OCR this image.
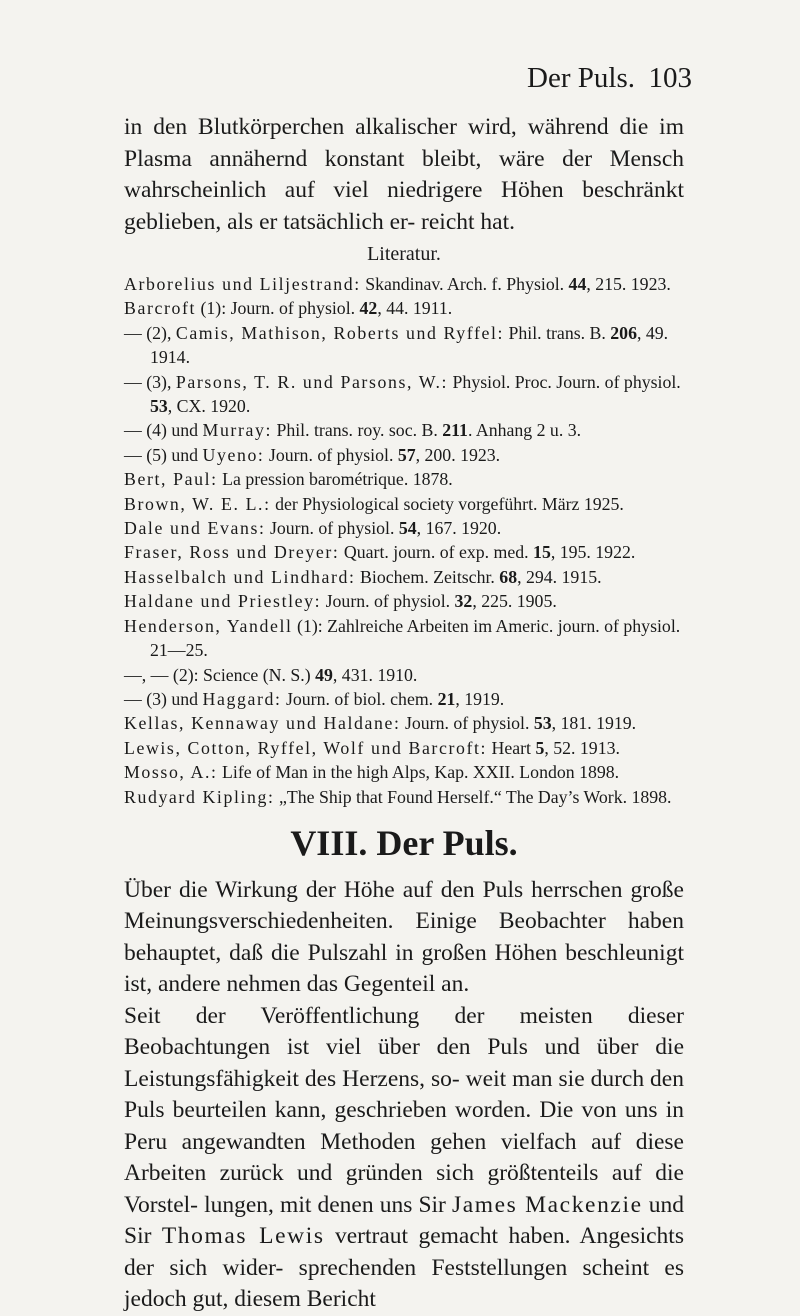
Der Puls. 103

in den Blutkörperchen alkalischer wird, während die im Plasma annähernd konstant bleibt, wäre der Mensch wahrscheinlich auf viel niedrigere Höhen beschränkt geblieben, als er tatsächlich er- reicht hat.

Literatur.

Arborelius und Liljestrand: Skandinav. Arch. f. Physiol. 44, 215. 1923.

Barcroft (1): Journ. of physiol. 42, 44. 1911.

— (2), Camis, Mathison, Roberts und Ryffel: Phil. trans. B. 206, 49. 1914.

— (3), Parsons, T. R. und Parsons, W.: Physiol. Proc. Journ. of physiol. 53, CX. 1920.

— (4) und Murray: Phil. trans. roy. soc. B. 211. Anhang 2 u. 3.

— (5) und Uyeno: Journ. of physiol. 57, 200. 1923.

Bert, Paul: La pression barométrique. 1878.

Brown, W. E. L.: der Physiological society vorgeführt. März 1925.

Dale und Evans: Journ. of physiol. 54, 167. 1920.

Fraser, Ross und Dreyer: Quart. journ. of exp. med. 15, 195. 1922.

Hasselbalch und Lindhard: Biochem. Zeitschr. 68, 294. 1915.

Haldane und Priestley: Journ. of physiol. 32, 225. 1905.

Henderson, Yandell (1): Zahlreiche Arbeiten im Americ. journ. of physiol. 21—25.

—, — (2): Science (N. S.) 49, 431. 1910.

— (3) und Haggard: Journ. of biol. chem. 21, 1919.

Kellas, Kennaway und Haldane: Journ. of physiol. 53, 181. 1919.

Lewis, Cotton, Ryffel, Wolf und Barcroft: Heart 5, 52. 1913.

Mosso, A.: Life of Man in the high Alps, Kap. XXII. London 1898.

Rudyard Kipling: „The Ship that Found Herself.“ The Day’s Work. 1898.

VIII. Der Puls.

Über die Wirkung der Höhe auf den Puls herrschen große Meinungsverschiedenheiten. Einige Beobachter haben behauptet, daß die Pulszahl in großen Höhen beschleunigt ist, andere nehmen das Gegenteil an.

Seit der Veröffentlichung der meisten dieser Beobachtungen ist viel über den Puls und über die Leistungsfähigkeit des Herzens, so- weit man sie durch den Puls beurteilen kann, geschrieben worden. Die von uns in Peru angewandten Methoden gehen vielfach auf diese Arbeiten zurück und gründen sich größtenteils auf die Vorstel- lungen, mit denen uns Sir James Mackenzie und Sir Thomas Lewis vertraut gemacht haben. Angesichts der sich wider- sprechenden Feststellungen scheint es jedoch gut, diesem Bericht
